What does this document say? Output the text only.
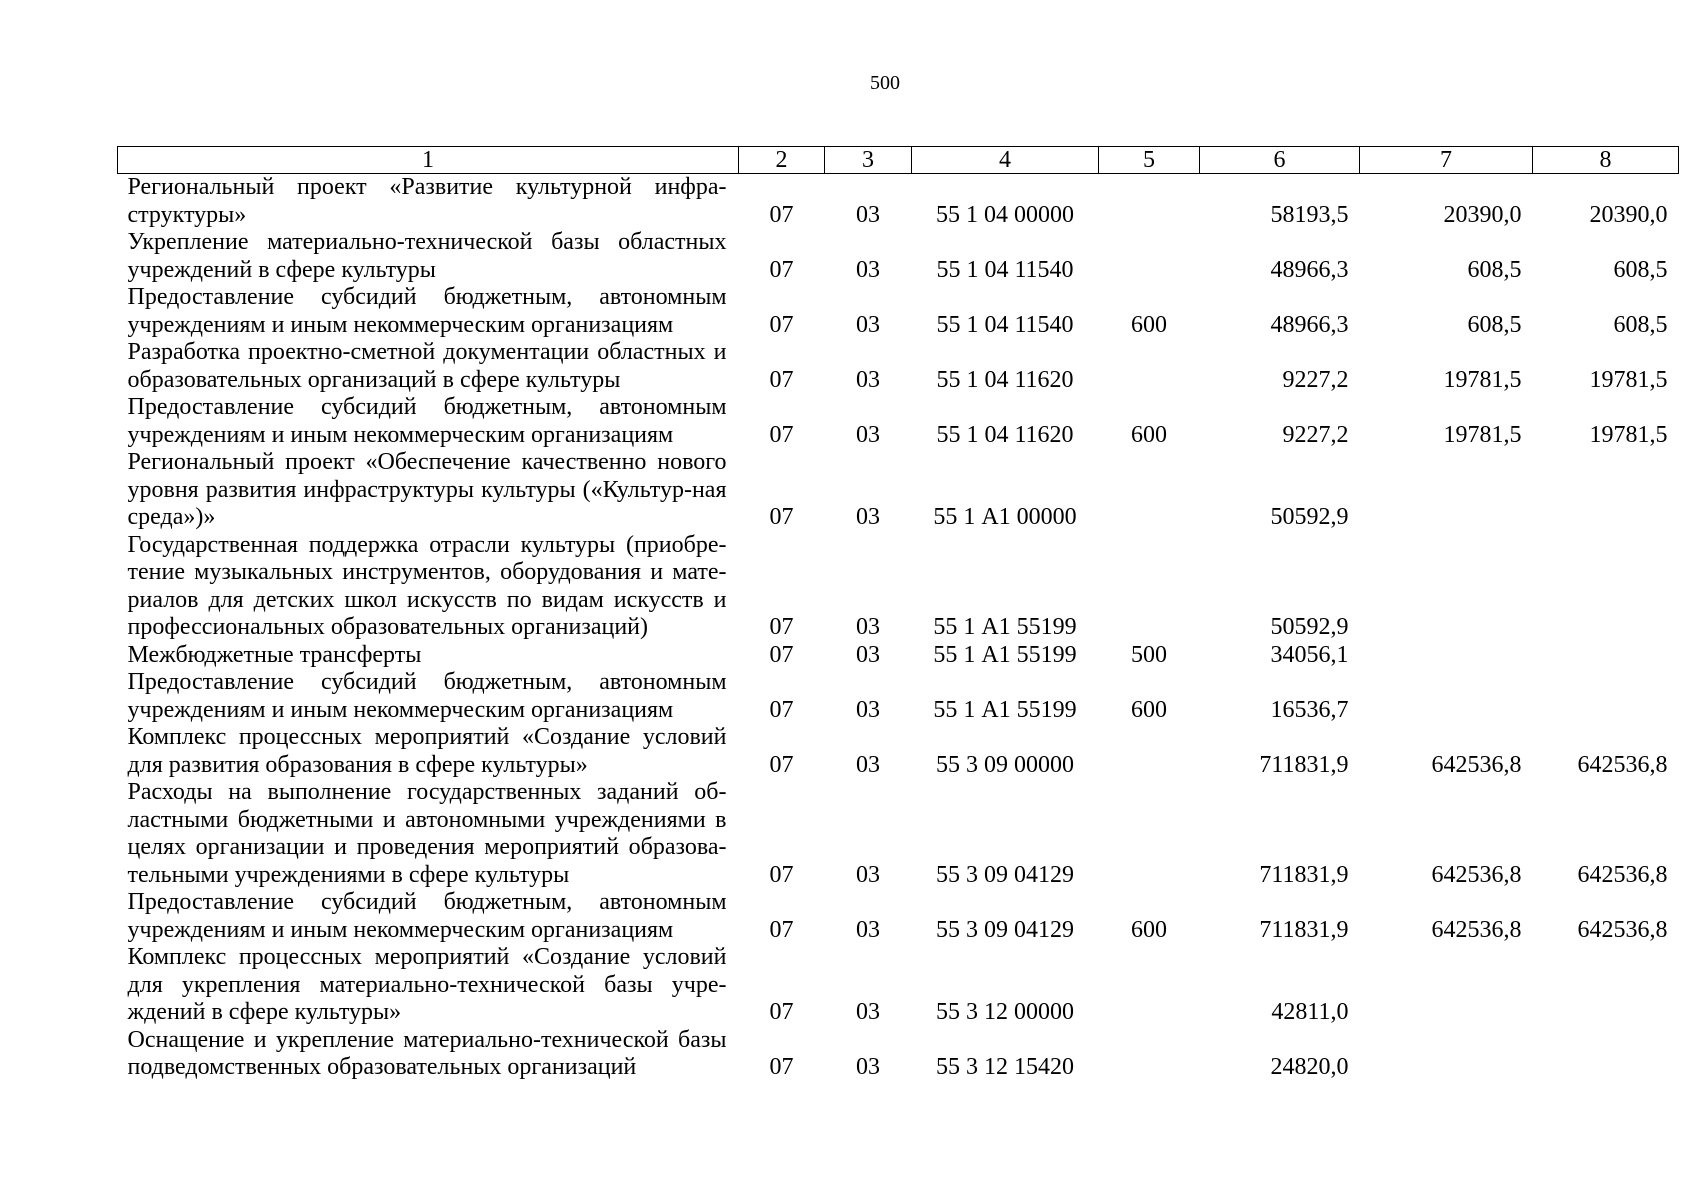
500
1	2	3	4	5	6	7	8
Региональный проект «Развитие культурной инфра-структуры»	07	03	55 1 04 00000		58193,5	20390,0	20390,0
Укрепление материально-технической базы областных учреждений в сфере культуры	07	03	55 1 04 11540		48966,3	608,5	608,5
Предоставление субсидий бюджетным, автономным учреждениям и иным некоммерческим организациям	07	03	55 1 04 11540	600	48966,3	608,5	608,5
Разработка проектно-сметной документации областных и образовательных организаций в сфере культуры	07	03	55 1 04 11620		9227,2	19781,5	19781,5
Предоставление субсидий бюджетным, автономным учреждениям и иным некоммерческим организациям	07	03	55 1 04 11620	600	9227,2	19781,5	19781,5
Региональный проект «Обеспечение качественно нового уровня развития инфраструктуры культуры («Культур-ная среда»)»	07	03	55 1 А1 00000		50592,9		
Государственная поддержка отрасли культуры (приобре-тение музыкальных инструментов, оборудования и мате-риалов для детских школ искусств по видам искусств и профессиональных образовательных организаций)	07	03	55 1 А1 55199		50592,9		
Межбюджетные трансферты	07	03	55 1 А1 55199	500	34056,1		
Предоставление субсидий бюджетным, автономным учреждениям и иным некоммерческим организациям	07	03	55 1 А1 55199	600	16536,7		
Комплекс процессных мероприятий «Создание условий для развития образования в сфере культуры»	07	03	55 3 09 00000		711831,9	642536,8	642536,8
Расходы на выполнение государственных заданий об-ластными бюджетными и автономными учреждениями в целях организации и проведения мероприятий образова-тельными учреждениями в сфере культуры	07	03	55 3 09 04129		711831,9	642536,8	642536,8
Предоставление субсидий бюджетным, автономным учреждениям и иным некоммерческим организациям	07	03	55 3 09 04129	600	711831,9	642536,8	642536,8
Комплекс процессных мероприятий «Создание условий для укрепления материально-технической базы учре-ждений в сфере культуры»	07	03	55 3 12 00000		42811,0		
Оснащение и укрепление материально-технической базы подведомственных образовательных организаций	07	03	55 3 12 15420		24820,0		
